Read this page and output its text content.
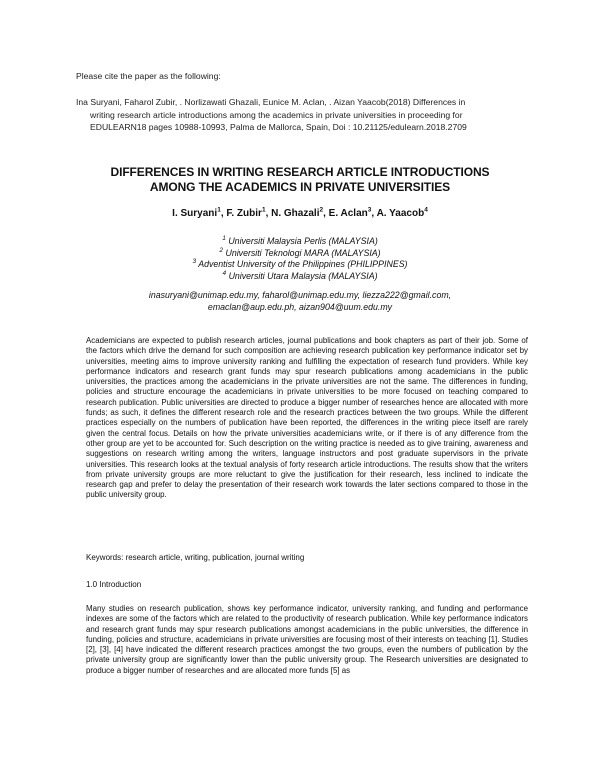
Please cite the paper as the following:
Ina Suryani, Faharol Zubir, . Norlizawati Ghazali, Eunice M. Aclan, . Aizan Yaacob(2018) Differences in
writing research article introductions among the academics in private universities in proceeding for
EDULEARN18 pages 10988-10993, Palma de Mallorca, Spain, Doi : 10.21125/edulearn.2018.2709
DIFFERENCES IN WRITING RESEARCH ARTICLE INTRODUCTIONS
AMONG THE ACADEMICS IN PRIVATE UNIVERSITIES
I. Suryani$^1$, F. Zubir$^1$, N. Ghazali$^2$, E. Aclan$^3$, A. Yaacob$^4$
$^1$ Universiti Malaysia Perlis (MALAYSIA)
$^2$ Universiti Teknologi MARA (MALAYSIA)
$^3$ Adventist University of the Philippines (PHILIPPINES)
$^4$ Universiti Utara Malaysia (MALAYSIA)
inasuryani@unimap.edu.my, faharol@unimap.edu.my, liezza222@gmail.com,
emaclan@aup.edu.ph, aizan904@uum.edu.my
Academicians are expected to publish research articles, journal publications and book chapters as part of their job. Some of the factors which drive the demand for such composition are achieving research publication key performance indicator set by universities, meeting aims to improve university ranking and fulfilling the expectation of research fund providers. While key performance indicators and research grant funds may spur research publications among academicians in the public universities, the practices among the academicians in the private universities are not the same. The differences in funding, policies and structure encourage the academicians in private universities to be more focused on teaching compared to research publication. Public universities are directed to produce a bigger number of researches hence are allocated with more funds; as such, it defines the different research role and the research practices between the two groups. While the different practices especially on the numbers of publication have been reported, the differences in the writing piece itself are rarely given the central focus. Details on how the private universities academicians write, or if there is of any difference from the other group are yet to be accounted for. Such description on the writing practice is needed as to give training, awareness and suggestions on research writing among the writers, language instructors and post graduate supervisors in the private universities. This research looks at the textual analysis of forty research article introductions. The results show that the writers from private university groups are more reluctant to give the justification for their research, less inclined to indicate the research gap and prefer to delay the presentation of their research work towards the later sections compared to those in the public university group.
Keywords: research article, writing, publication, journal writing
1.0 Introduction
Many studies on research publication, shows key performance indicator, university ranking, and funding and performance indexes are some of the factors which are related to the productivity of research publication. While key performance indicators and research grant funds may spur research publications amongst academicians in the public universities, the difference in funding, policies and structure, academicians in private universities are focusing most of their interests on teaching [1]. Studies [2], [3], [4] have indicated the different research practices amongst the two groups, even the numbers of publication by the private university group are significantly lower than the public university group. The Research universities are designated to produce a bigger number of researches and are allocated more funds [5] as
